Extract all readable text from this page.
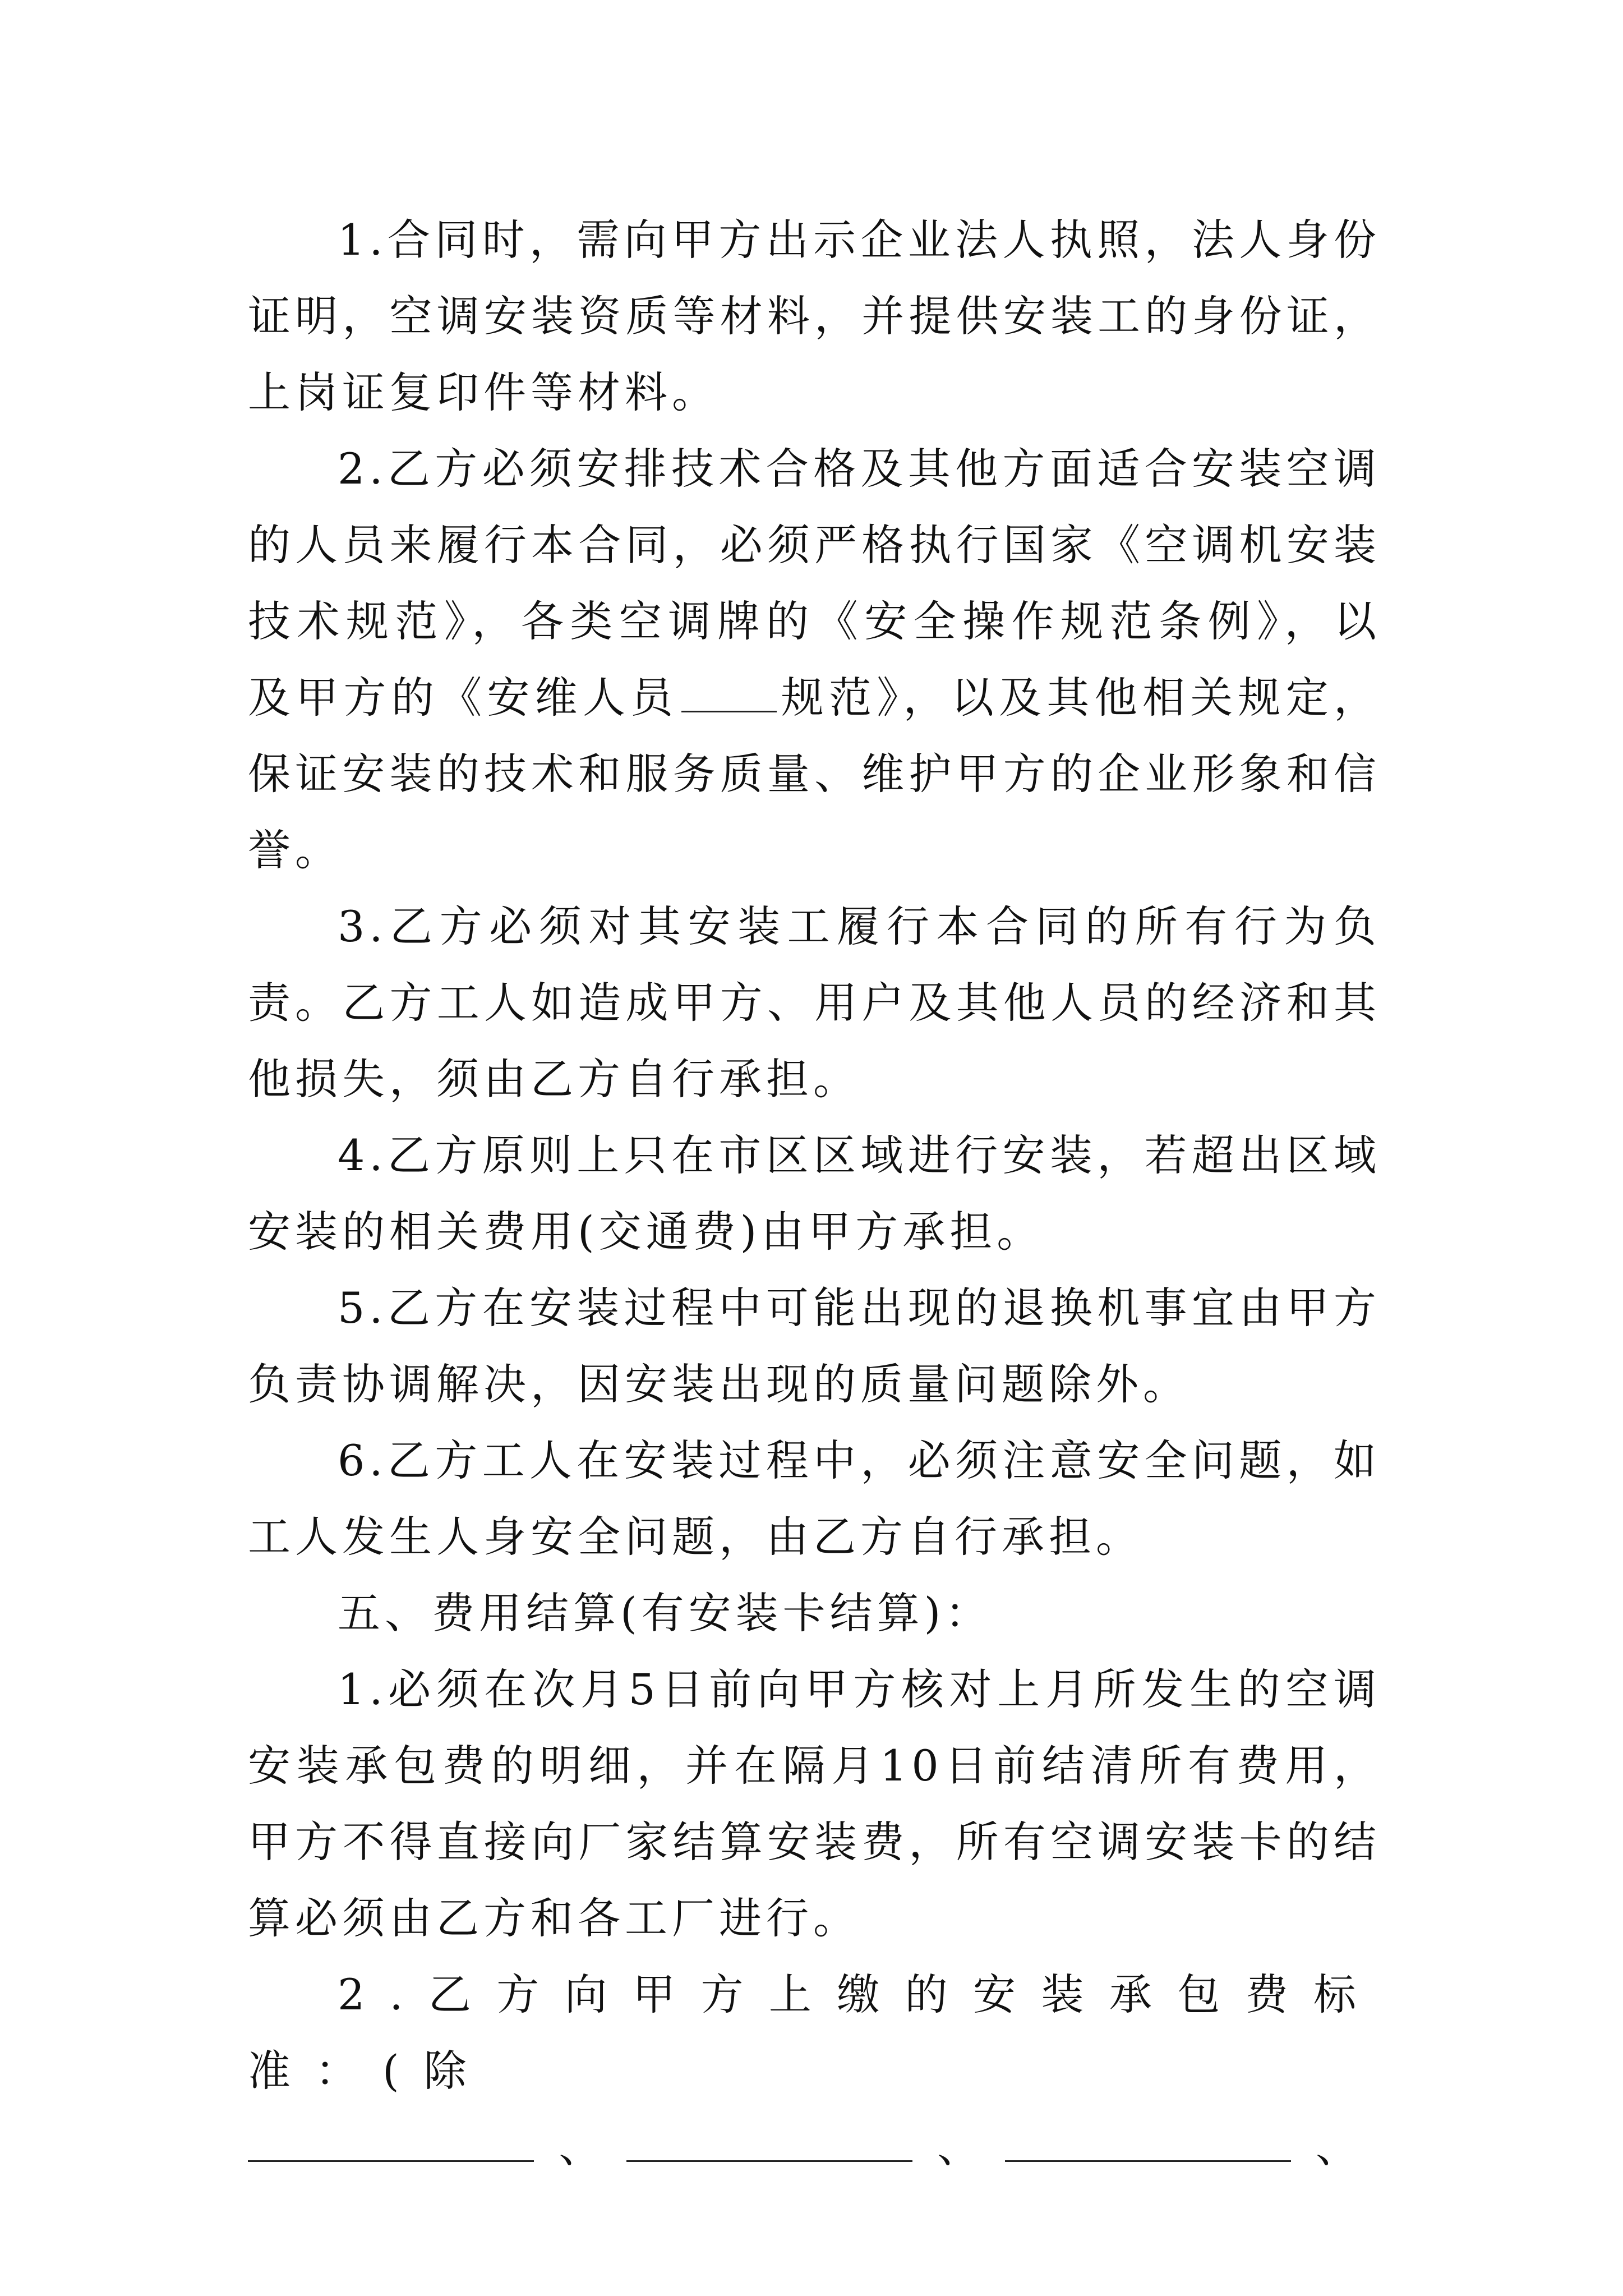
1.合同时，需向甲方出示企业法人执照，法人身份证明，空调安装资质等材料，并提供安装工的身份证，上岗证复印件等材料。

2.乙方必须安排技术合格及其他方面适合安装空调的人员来履行本合同，必须严格执行国家《空调机安装技术规范》，各类空调牌的《安全操作规范条例》，以及甲方的《安维人员 规范》，以及其他相关规定，保证安装的技术和服务质量、维护甲方的企业形象和信誉。

3.乙方必须对其安装工履行本合同的所有行为负责。乙方工人如造成甲方、用户及其他人员的经济和其他损失，须由乙方自行承担。

4.乙方原则上只在市区区域进行安装，若超出区域安装的相关费用(交通费)由甲方承担。

5.乙方在安装过程中可能出现的退换机事宜由甲方负责协调解决，因安装出现的质量问题除外。

6.乙方工人在安装过程中，必须注意安全问题，如工人发生人身安全问题，由乙方自行承担。

五、费用结算(有安装卡结算)：

1.必须在次月5日前向甲方核对上月所发生的空调安装承包费的明细，并在隔月10日前结清所有费用，甲方不得直接向厂家结算安装费，所有空调安装卡的结算必须由乙方和各工厂进行。

2.乙方向甲方上缴的安装承包费标准：(除

、	、	、
